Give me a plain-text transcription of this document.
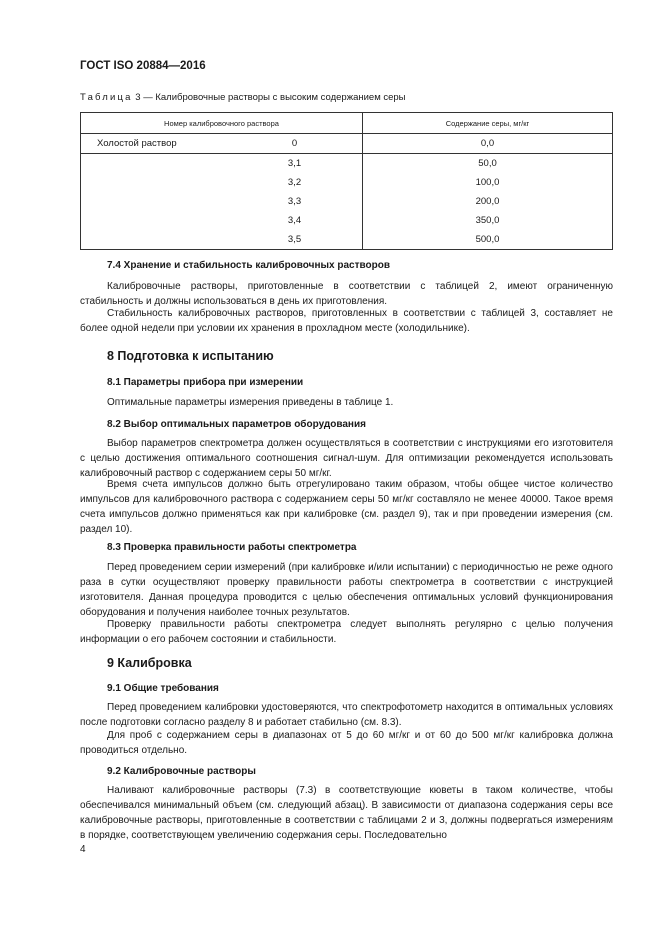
ГОСТ ISO 20884—2016
Таблица 3 — Калибровочные растворы с высоким содержанием серы
Номер калибровочного раствора		Содержание серы, мг/кг
Холостой раствор	0	0,0
	3,1	50,0
	3,2	100,0
	3,3	200,0
	3,4	350,0
	3,5	500,0
7.4 Хранение и стабильность калибровочных растворов
Калибровочные растворы, приготовленные в соответствии с таблицей 2, имеют ограниченную стабильность и должны использоваться в день их приготовления.
Стабильность калибровочных растворов, приготовленных в соответствии с таблицей 3, составляет не более одной недели при условии их хранения в прохладном месте (холодильнике).
8 Подготовка к испытанию
8.1 Параметры прибора при измерении
Оптимальные параметры измерения приведены в таблице 1.
8.2 Выбор оптимальных параметров оборудования
Выбор параметров спектрометра должен осуществляться в соответствии с инструкциями его изготовителя с целью достижения оптимального соотношения сигнал-шум. Для оптимизации рекомендуется использовать калибровочный раствор с содержанием серы 50 мг/кг.
Время счета импульсов должно быть отрегулировано таким образом, чтобы общее чистое количество импульсов для калибровочного раствора с содержанием серы 50 мг/кг составляло не менее 40000. Такое время счета импульсов должно применяться как при калибровке (см. раздел 9), так и при проведении измерения (см. раздел 10).
8.3 Проверка правильности работы спектрометра
Перед проведением серии измерений (при калибровке и/или испытании) с периодичностью не реже одного раза в сутки осуществляют проверку правильности работы спектрометра в соответствии с инструкцией изготовителя. Данная процедура проводится с целью обеспечения оптимальных условий функционирования оборудования и получения наиболее точных результатов.
Проверку правильности работы спектрометра следует выполнять регулярно с целью получения информации о его рабочем состоянии и стабильности.
9 Калибровка
9.1 Общие требования
Перед проведением калибровки удостоверяются, что спектрофотометр находится в оптимальных условиях после подготовки согласно разделу 8 и работает стабильно (см. 8.3).
Для проб с содержанием серы в диапазонах от 5 до 60 мг/кг и от 60 до 500 мг/кг калибровка должна проводиться отдельно.
9.2 Калибровочные растворы
Наливают калибровочные растворы (7.3) в соответствующие кюветы в таком количестве, чтобы обеспечивался минимальный объем (см. следующий абзац). В зависимости от диапазона содержания серы все калибровочные растворы, приготовленные в соответствии с таблицами 2 и 3, должны подвергаться измерениям в порядке, соответствующем увеличению содержания серы. Последовательно
4
